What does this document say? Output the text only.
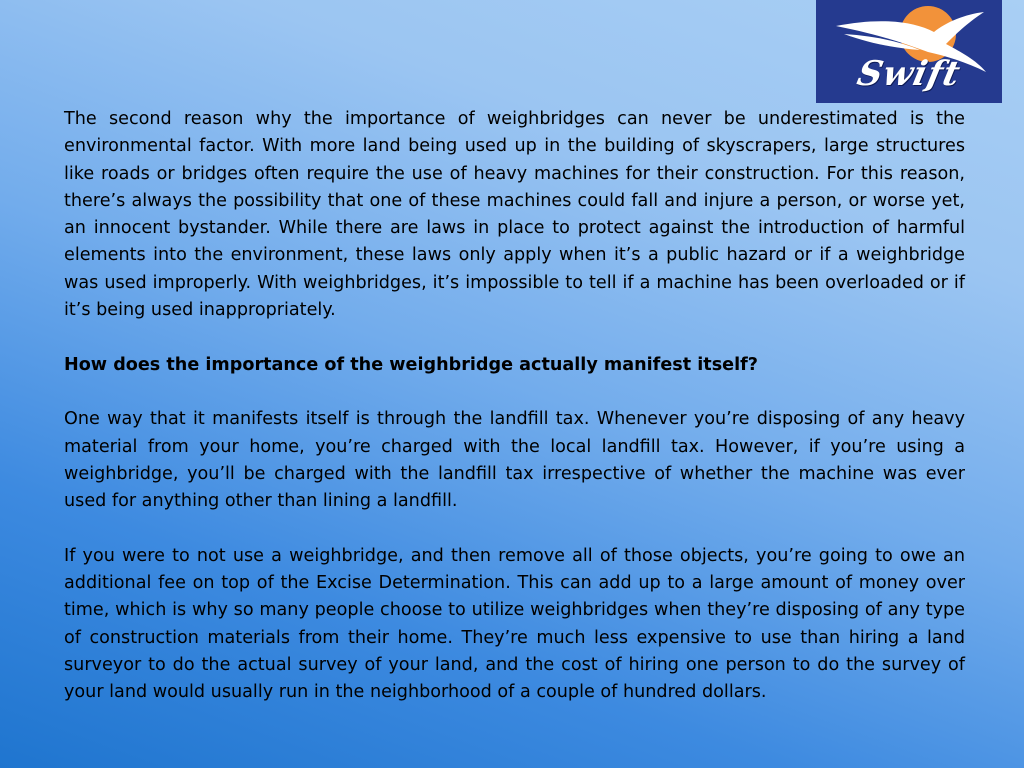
Swift

The second reason why the importance of weighbridges can never be underestimated is the environmental factor. With more land being used up in the building of skyscrapers, large structures like roads or bridges often require the use of heavy machines for their construction. For this reason, there’s always the possibility that one of these machines could fall and injure a person, or worse yet, an innocent bystander. While there are laws in place to protect against the introduction of harmful elements into the environment, these laws only apply when it’s a public hazard or if a weighbridge was used improperly. With weighbridges, it’s impossible to tell if a machine has been overloaded or if it’s being used inappropriately.

How does the importance of the weighbridge actually manifest itself?

One way that it manifests itself is through the landfill tax. Whenever you’re disposing of any heavy material from your home, you’re charged with the local landfill tax. However, if you’re using a weighbridge, you’ll be charged with the landfill tax irrespective of whether the machine was ever used for anything other than lining a landfill.

If you were to not use a weighbridge, and then remove all of those objects, you’re going to owe an additional fee on top of the Excise Determination. This can add up to a large amount of money over time, which is why so many people choose to utilize weighbridges when they’re disposing of any type of construction materials from their home. They’re much less expensive to use than hiring a land surveyor to do the actual survey of your land, and the cost of hiring one person to do the survey of your land would usually run in the neighborhood of a couple of hundred dollars.
